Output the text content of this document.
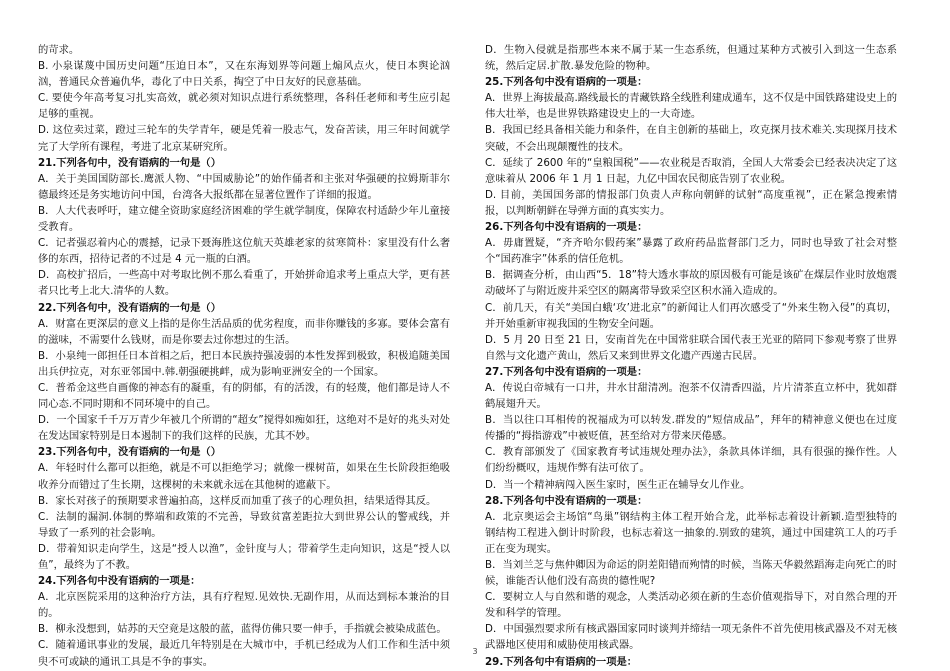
的苛求。

B. 小泉谋蔑中国历史问题“压迫日本”，又在东海划界等问题上煽风点火，使日本舆论汹汹，普通民众普遍仇华，毒化了中日关系，掏空了中日友好的民意基础。

C. 要使今年高考复习扎实高效，就必须对知识点进行系统整理，各科任老师和考生应引起足够的重视。

D. 这位卖过菜，蹬过三轮车的失学青年，硬是凭着一股志气，发奋苦读，用三年时间就学完了大学所有课程，考进了北京某研究所。

21.下列各句中，没有语病的一句是（）

A．关于美国国防部长.鹰派人物、“中国威胁论”的始作俑者和主张对华强硬的拉姆斯菲尔德最终还是务实地访问中国，台湾各大报纸都在显著位置作了详细的报道。

B．人大代表呼吁，建立健全资助家庭经济困难的学生就学制度，保障农村适龄少年儿童接受教育。

C．记者强忍着内心的震撼，记录下聂海胜这位航天英雄老家的贫寒简朴：家里没有什么奢侈的东西，招待记者的不过是 4 元一瓶的白酒。

D．高校扩招后，一些高中对考取比例不那么看重了，开始拼命追求考上重点大学，更有甚者只比考上北大.清华的人数。

22.下列各句中，没有语病的一句是（）

A．财富在更深层的意义上指的是你生活品质的优劣程度，而非你赚钱的多寡。要体会富有的滋味，不需要什么钱财，而是你要去过你想过的生活。

B．小泉纯一郎担任日本首相之后，把日本民族持强凌弱的本性发挥到极致，积极追随美国出兵伊拉克，对东亚邻国中.韩.朝强硬挑衅，成为影响亚洲安全的一个国家。

C．普希金这些自画像的神态有的凝重，有的阴郁，有的活泼，有的轻蔑，他们都是诗人不同心态.不同时期和不同环境中的自己。

D．一个国家千千万万青少年被几个所谓的“超女”搅得如痴如狂，这绝对不是好的兆头对处在发达国家特别是日本遏制下的我们这样的民族，尤其不妙。

23.下列各句中，没有语病的一句是（）

A．年轻时什么都可以拒绝，就是不可以拒绝学习；就像一棵树苗，如果在生长阶段拒绝吸收养分而错过了生长期，这棵树的未来就永远在其他树的遮蔽下。

B．家长对孩子的预期要求普遍拍高，这样反而加重了孩子的心理负担，结果适得其反。

C．法制的漏洞.体制的弊端和政策的不完善，导致贫富差距拉大到世界公认的警戒线，并导致了一系列的社会影响。

D．带着知识走向学生，这是“授人以渔”，金针度与人；带着学生走向知识，这是“授人以鱼”，最终为了不教。

24.下列各句中没有语病的一项是：

A．北京医院采用的这种治疗方法，具有疗程短.见效快.无副作用，从而达到标本兼治的目的。

B．柳永没想到，姑苏的天空竟是这般的蓝，蓝得仿佛只要一伸手，手指就会被染成蓝色。

C．随着通讯事业的发展，最近几年特别是在大城市中，手机已经成为人们工作和生活中须臾不可或缺的通讯工具是不争的事实。

D．生物入侵就是指那些本来不属于某一生态系统，但通过某种方式被引入到这一生态系统，然后定居.扩散.暴发危险的物种。

25.下列各句中没有语病的一项是：

A．世界上海拔最高.路线最长的青藏铁路全线胜利建成通车，这不仅是中国铁路建设史上的伟大壮举，也是世界铁路建设史上的一大奇迹。

B．我国已经具备相关能力和条件，在自主创新的基础上，攻克探月技术难关.实现探月技术突破，不会出现颠覆性的技术。

C．延续了 2600 年的“皇粮国税”——农业税是否取消，全国人大常委会已经表决决定了这意味着从 2006 年 1 月 1 日起，九亿中国农民彻底告别了农业税。

D. 目前，美国国务部的情报部门负责人声称向朝鲜的试射“高度重视”，正在紧急搜索情报，以判断朝鲜在导弹方面的真实实力。

26.下列各句中没有语病的一项是：

A．毋庸置疑，“齐齐哈尔假药案”暴露了政府药品监督部门乏力，同时也导致了社会对整个“国药准字”体系的信任危机。

B．据调查分析，由山西“5．18”特大透水事故的原因极有可能是该矿在煤层作业时放炮震动破坏了与附近废井采空区的隔离带导致采空区积水涌入造成的。

C．前几天，有关“美国白蛾‘攻’进北京”的新闻让人们再次感受了“外来生物入侵”的真切，并开始重新审视我国的生物安全问题。

D．5 月 20 日至 21 日，安南首先在中国常驻联合国代表王光亚的陪同下参观考察了世界自然与文化遗产黄山，然后又来到世界文化遗产西递古民居。

27.下列各句中没有语病的一项是：

A．传说白帝城有一口井，井水甘甜清冽。泡茶不仅清香四溢，片片清茶直立杯中，犹如群鹤展翅升天。

B．当以往口耳相传的祝福成为可以转发.群发的“短信成品”，拜年的精神意义便也在过度传播的“拇指游戏”中被贬值，甚至给对方带来厌倦感。

C．教育部颁发了《国家教育考试违规处理办法》，条款具体详细，具有很强的操作性。人们纷纷概叹，违规作弊有法可依了。

D．当一个精神病闯入医生家时，医生正在辅导女儿作业。

28.下列各句中没有语病的一项是：

A．北京奥运会主场馆“鸟巢”钢结构主体工程开始合龙，此举标志着设计新颖.造型独特的钢结构工程进入倒计时阶段，也标志着这一抽象的.别致的建筑，通过中国建筑工人的巧手正在变为现实。

B．当刘兰芝与焦仲卿因为命运的阴差阳错而殉情的时候，当陈天华毅然蹈海走向死亡的时候，谁能否认他们没有高贵的德性呢?

C．要树立人与自然和谐的观念，人类活动必须在新的生态价值观指导下，对自然合理的开发和科学的管理。

D．中国强烈要求所有核武器国家同时谈判并缔结一项无条件不首先使用核武器及不对无核武器地区使用和威胁使用核武器。

29.下列各句中有语病的一项是：

3
